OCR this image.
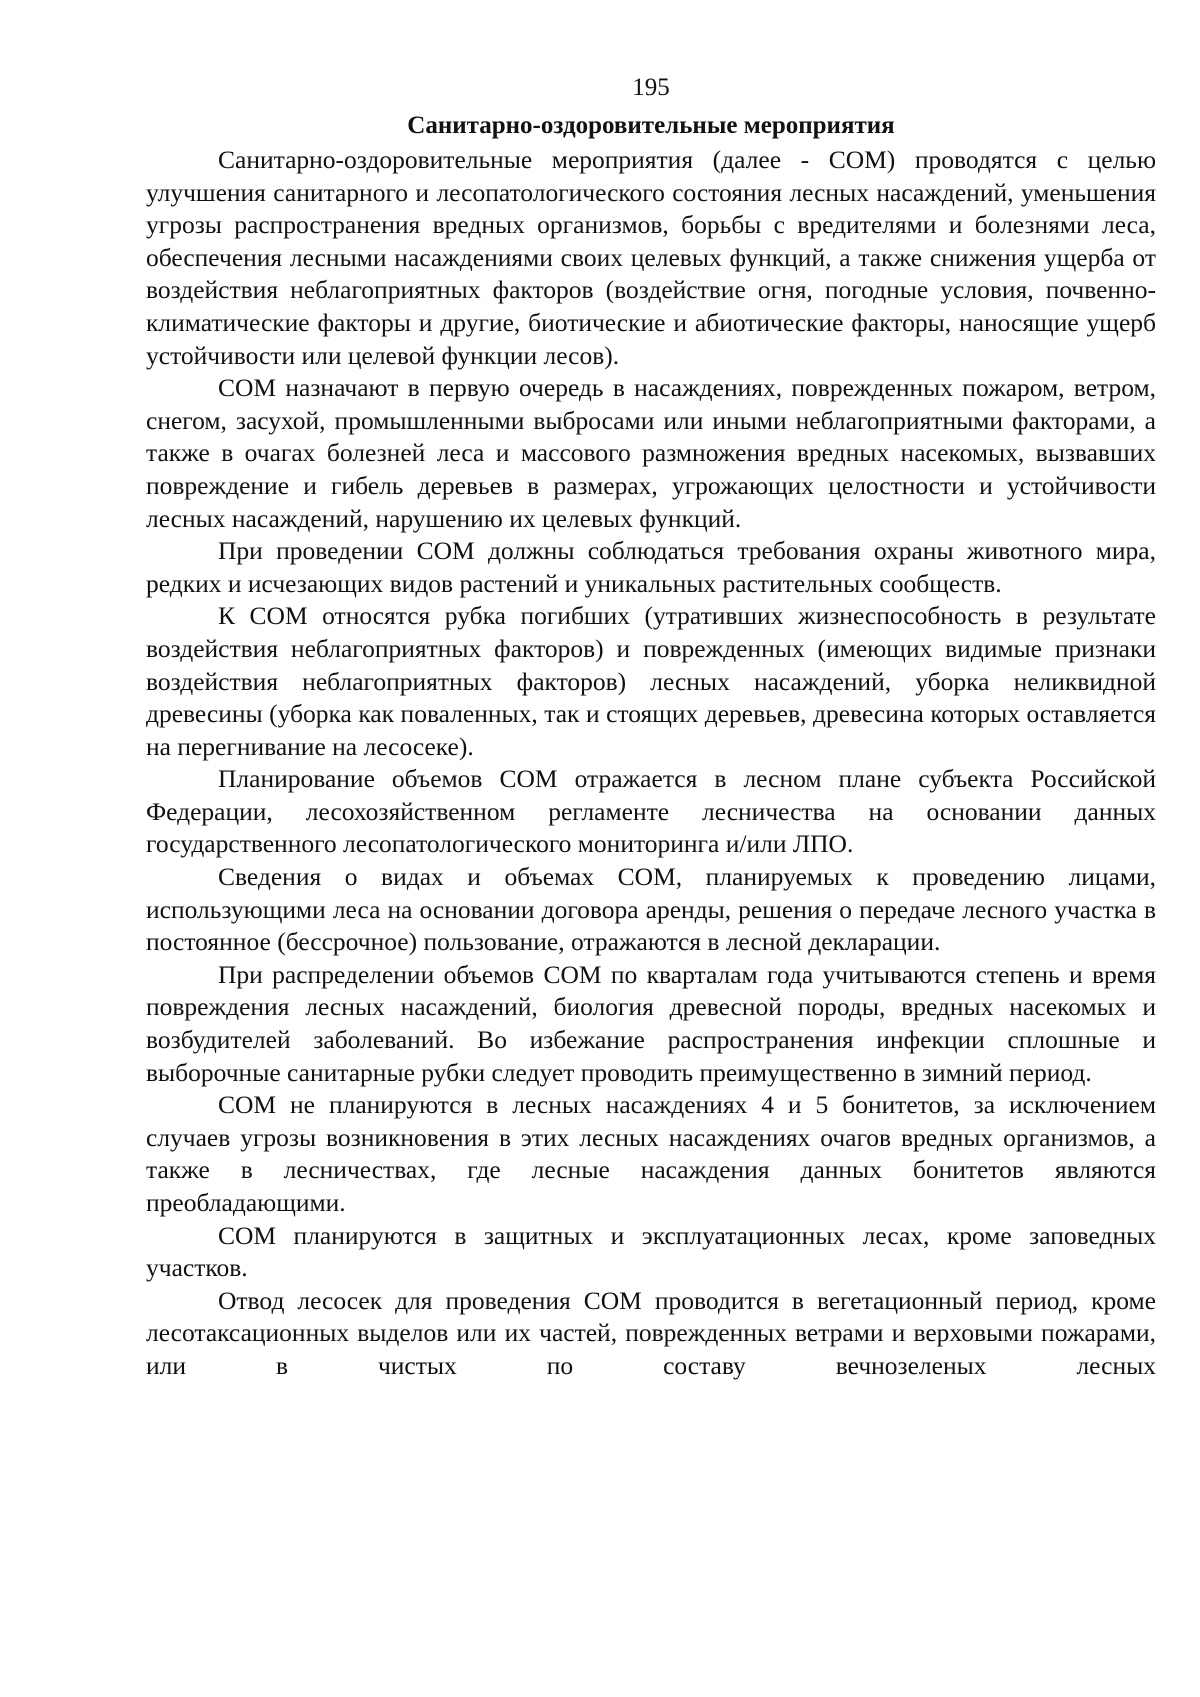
195
Санитарно-оздоровительные мероприятия

Санитарно-оздоровительные мероприятия (далее - СОМ) проводятся с целью улучшения санитарного и лесопатологического состояния лесных насаждений, уменьшения угрозы распространения вредных организмов, борьбы с вредителями и болезнями леса, обеспечения лесными насаждениями своих целевых функций, а также снижения ущерба от воздействия неблагоприятных факторов (воздействие огня, погодные условия, почвенно-климатические факторы и другие, биотические и абиотические факторы, наносящие ущерб устойчивости или целевой функции лесов).

СОМ назначают в первую очередь в насаждениях, поврежденных пожаром, ветром, снегом, засухой, промышленными выбросами или иными неблагоприятными факторами, а также в очагах болезней леса и массового размножения вредных насекомых, вызвавших повреждение и гибель деревьев в размерах, угрожающих целостности и устойчивости лесных насаждений, нарушению их целевых функций.

При проведении СОМ должны соблюдаться требования охраны животного мира, редких и исчезающих видов растений и уникальных растительных сообществ.

К СОМ относятся рубка погибших (утративших жизнеспособность в результате воздействия неблагоприятных факторов) и поврежденных (имеющих видимые признаки воздействия неблагоприятных факторов) лесных насаждений, уборка неликвидной древесины (уборка как поваленных, так и стоящих деревьев, древесина которых оставляется на перегнивание на лесосеке).

Планирование объемов СОМ отражается в лесном плане субъекта Российской Федерации, лесохозяйственном регламенте лесничества на основании данных государственного лесопатологического мониторинга и/или ЛПО.

Сведения о видах и объемах СОМ, планируемых к проведению лицами, использующими леса на основании договора аренды, решения о передаче лесного участка в постоянное (бессрочное) пользование, отражаются в лесной декларации.

При распределении объемов СОМ по кварталам года учитываются степень и время повреждения лесных насаждений, биология древесной породы, вредных насекомых и возбудителей заболеваний. Во избежание распространения инфекции сплошные и выборочные санитарные рубки следует проводить преимущественно в зимний период.

СОМ не планируются в лесных насаждениях 4 и 5 бонитетов, за исключением случаев угрозы возникновения в этих лесных насаждениях очагов вредных организмов, а также в лесничествах, где лесные насаждения данных бонитетов являются преобладающими.

СОМ планируются в защитных и эксплуатационных лесах, кроме заповедных участков.

Отвод лесосек для проведения СОМ проводится в вегетационный период, кроме лесотаксационных выделов или их частей, поврежденных ветрами и верховыми пожарами, или в чистых по составу вечнозеленых лесных
